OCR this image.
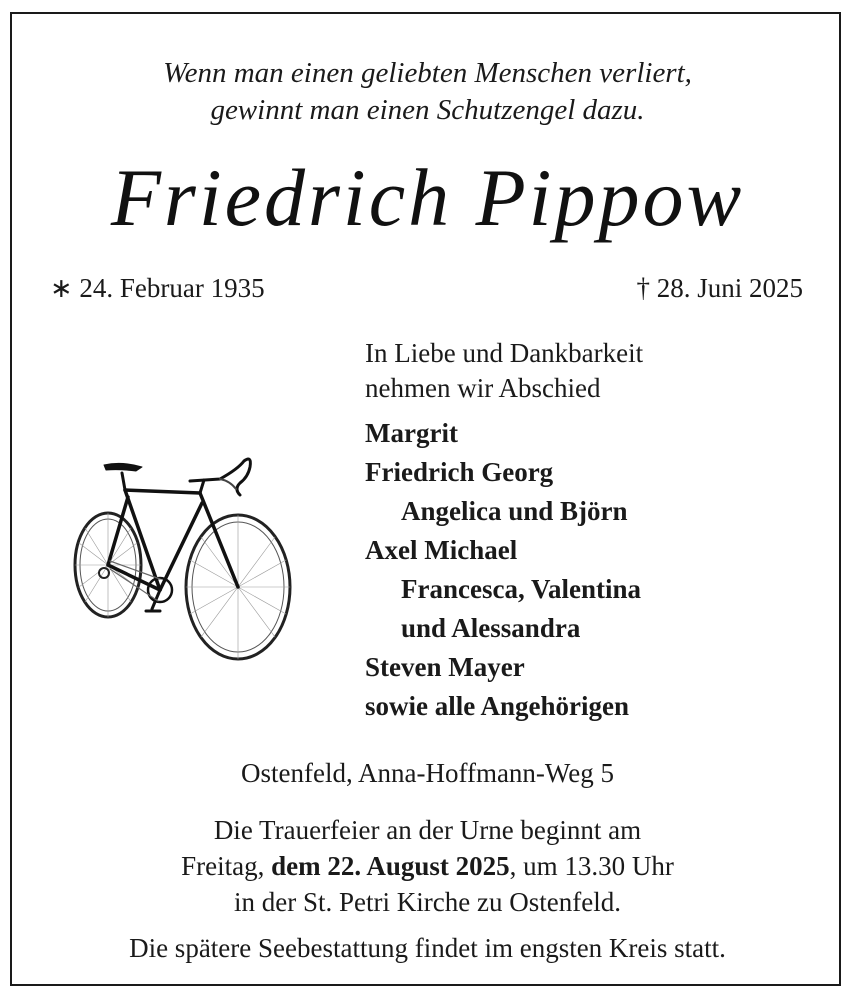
Wenn man einen geliebten Menschen verliert,
gewinnt man einen Schutzengel dazu.
Friedrich Pippow
∗ 24. Februar 1935	† 28. Juni 2025
In Liebe und Dankbarkeit
nehmen wir Abschied
Margrit
Friedrich Georg
Angelica und Björn
Axel Michael
Francesca, Valentina
und Alessandra
Steven Mayer
sowie alle Angehörigen
Ostenfeld, Anna-Hoffmann-Weg 5
Die Trauerfeier an der Urne beginnt am
Freitag, dem 22. August 2025, um 13.30 Uhr
in der St. Petri Kirche zu Ostenfeld.
Die spätere Seebestattung findet im engsten Kreis statt.
